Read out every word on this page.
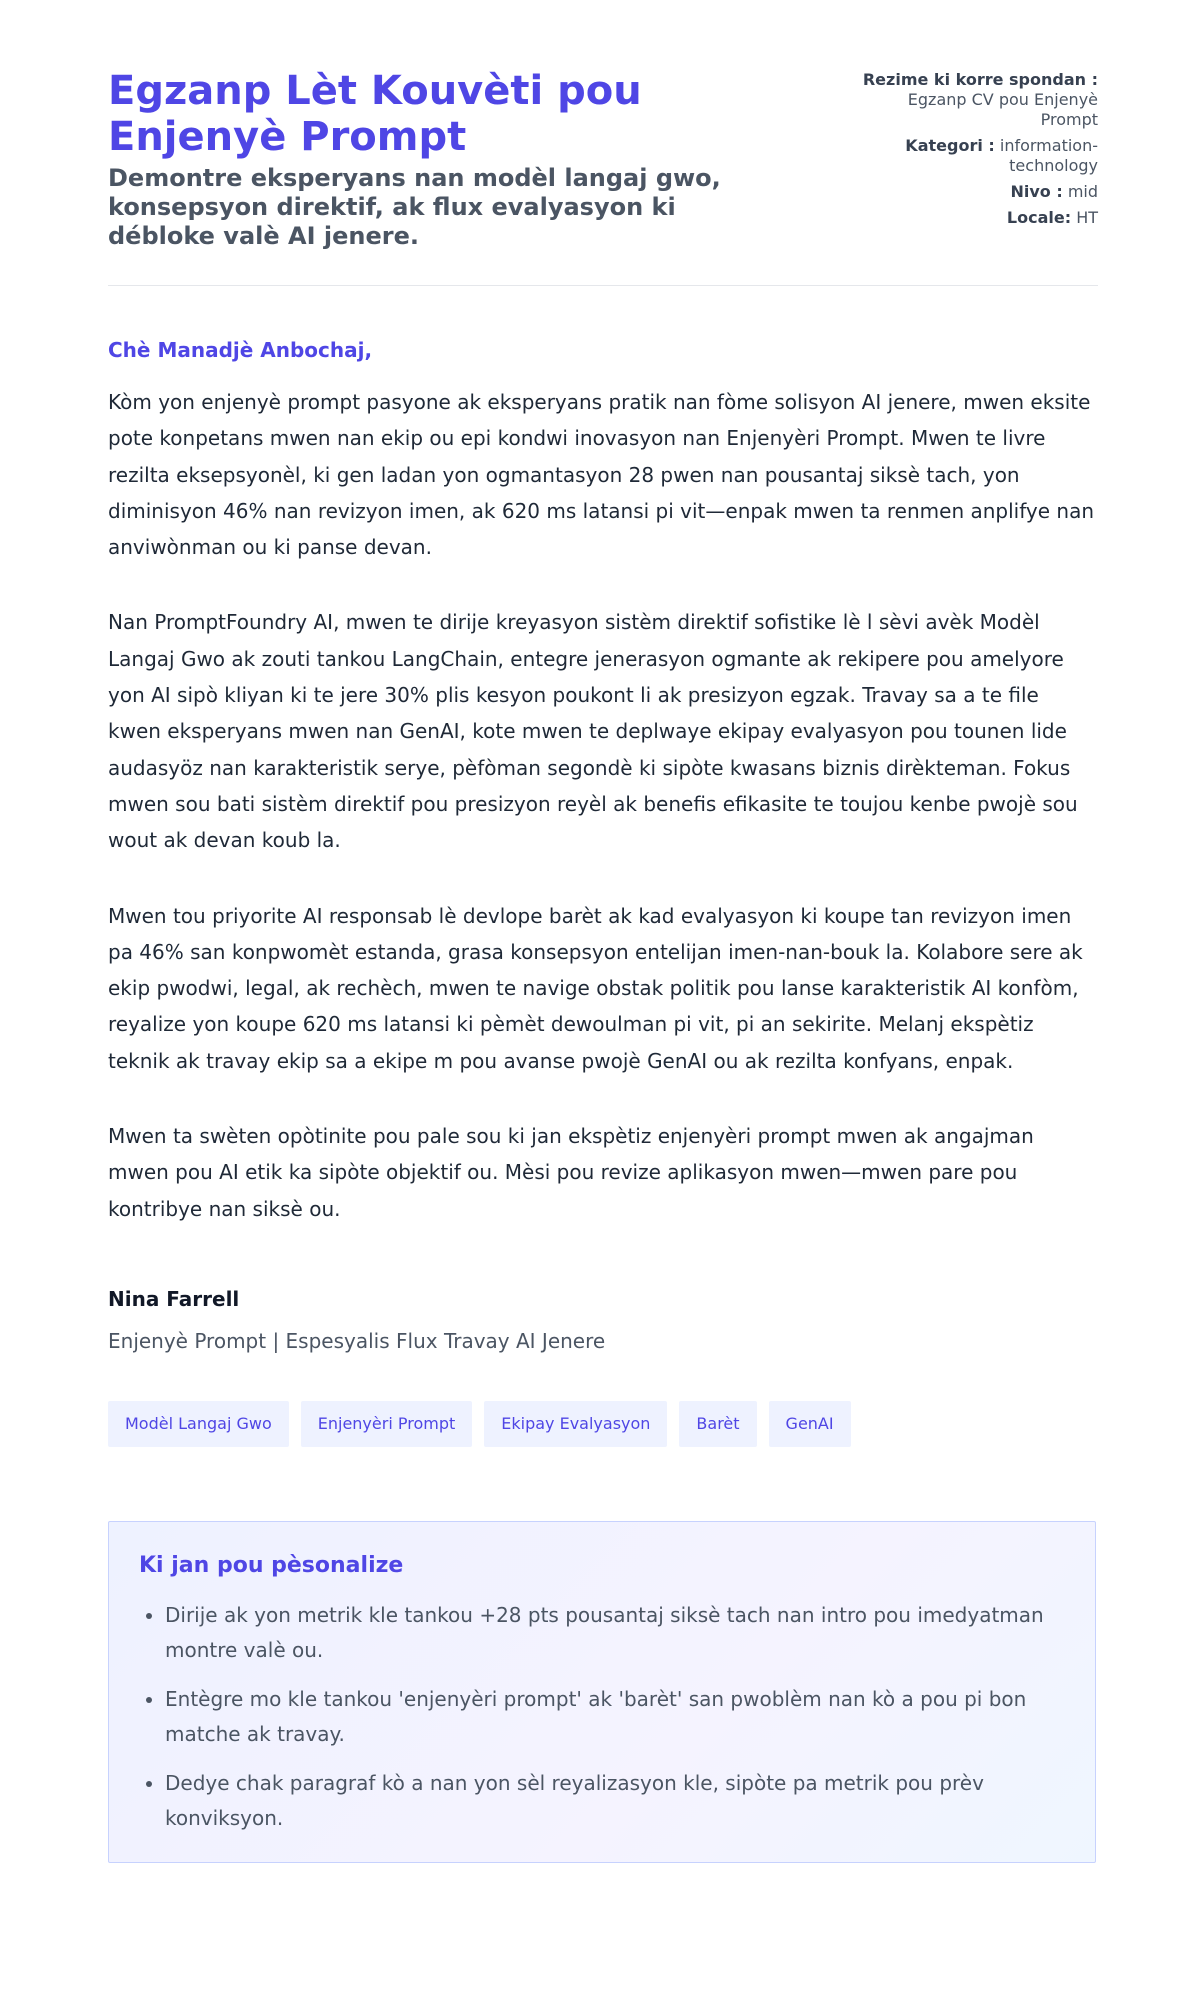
Egzanp Lèt Kouvèti pou Enjenyè Prompt
Demontre eksperyans nan modèl langaj gwo, konsepsyon direktif, ak flux evalyasyon ki débloke valè AI jenere.
Rezime ki korre spondan : Egzanp CV pou Enjenyè Prompt
Kategori : information-technology
Nivo : mid
Locale: HT
Chè Manadjè Anbochaj,

Kòm yon enjenyè prompt pasyone ak eksperyans pratik nan fòme solisyon AI jenere, mwen eksite pote konpetans mwen nan ekip ou epi kondwi inovasyon nan Enjenyèri Prompt. Mwen te livre rezilta eksepsyonèl, ki gen ladan yon ogmantasyon 28 pwen nan pousantaj siksè tach, yon diminisyon 46% nan revizyon imen, ak 620 ms latansi pi vit—enpak mwen ta renmen anplifye nan anviwònman ou ki panse devan.

Nan PromptFoundry AI, mwen te dirije kreyasyon sistèm direktif sofistike lè l sèvi avèk Modèl Langaj Gwo ak zouti tankou LangChain, entegre jenerasyon ogmante ak rekipere pou amelyore yon AI sipò kliyan ki te jere 30% plis kesyon poukont li ak presizyon egzak. Travay sa a te file kwen eksperyans mwen nan GenAI, kote mwen te deplwaye ekipay evalyasyon pou tounen lide audasyöz nan karakteristik serye, pèfòman segondè ki sipòte kwasans biznis dirèkteman. Fokus mwen sou bati sistèm direktif pou presizyon reyèl ak benefis efikasite te toujou kenbe pwojè sou wout ak devan koub la.

Mwen tou priyorite AI responsab lè devlope barèt ak kad evalyasyon ki koupe tan revizyon imen pa 46% san konpwomèt estanda, grasa konsepsyon entelijan imen-nan-bouk la. Kolabore sere ak ekip pwodwi, legal, ak rechèch, mwen te navige obstak politik pou lanse karakteristik AI konfòm, reyalize yon koupe 620 ms latansi ki pèmèt dewoulman pi vit, pi an sekirite. Melanj ekspètiz teknik ak travay ekip sa a ekipe m pou avanse pwojè GenAI ou ak rezilta konfyans, enpak.

Mwen ta swèten opòtinite pou pale sou ki jan ekspètiz enjenyèri prompt mwen ak angajman mwen pou AI etik ka sipòte objektif ou. Mèsi pou revize aplikasyon mwen—mwen pare pou kontribye nan siksè ou.

Nina Farrell
Enjenyè Prompt | Espesyalis Flux Travay AI Jenere
Modèl Langaj Gwo	Enjenyèri Prompt	Ekipay Evalyasyon	Barèt	GenAI
Ki jan pou pèsonalize
• Dirije ak yon metrik kle tankou +28 pts pousantaj siksè tach nan intro pou imedyatman montre valè ou.
• Entègre mo kle tankou 'enjenyèri prompt' ak 'barèt' san pwoblèm nan kò a pou pi bon matche ak travay.
• Dedye chak paragraf kò a nan yon sèl reyalizasyon kle, sipòte pa metrik pou prèv konviksyon.
